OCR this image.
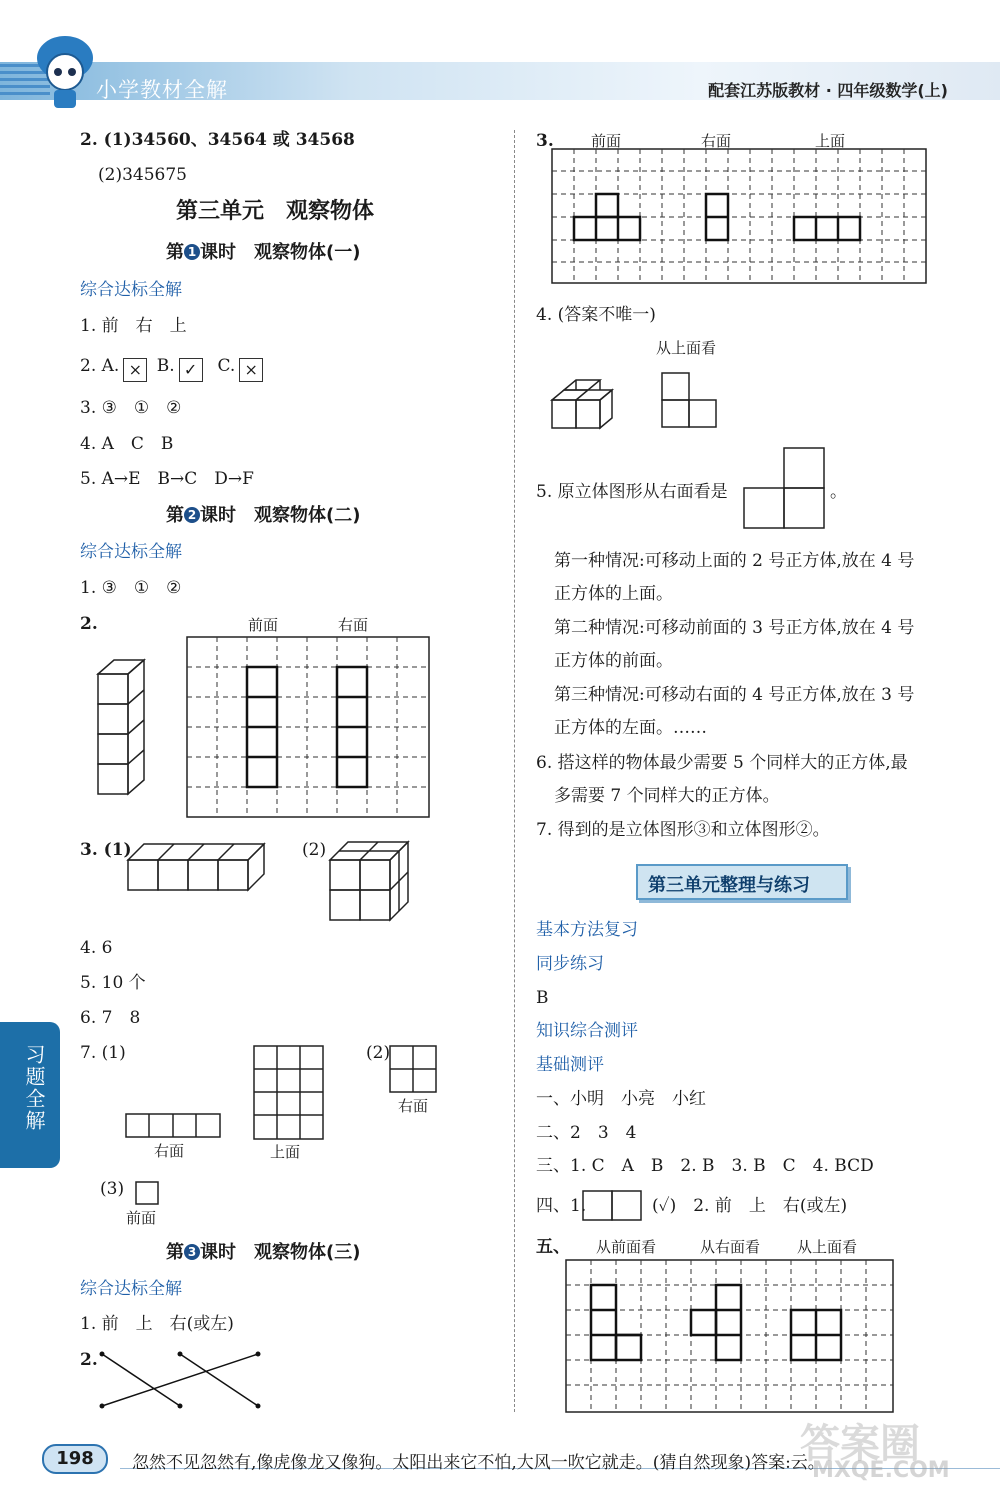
小学教材全解	配套江苏版教材 · 四年级数学(上)
2. (1)34560、34564 或 34568
(2)345675
第三单元　观察物体
第 1 课时　观察物体(一)
综合达标全解
1. 前　右　上
2. A. × B. ✓ C. ×
3. ③　①　②
4. A　C　B
5. A→E　B→C　D→F
第 2 课时　观察物体(二)
综合达标全解
1. ③　①　②
2.	前面	右面
3. (1)	(2)
4. 6
5. 10 个
6. 7　8
7. (1)
右面	上面
(2)
右面
(3)
前面
第 3 课时　观察物体(三)
综合达标全解
1. 前　上　右(或左)
2.
习题全解
3. 前面	右面	上面
4. (答案不唯一)
从上面看
5. 原立体图形从右面看是	。
第一种情况:可移动上面的 2 号正方体,放在 4 号
正方体的上面。
第二种情况:可移动前面的 3 号正方体,放在 4 号
正方体的前面。
第三种情况:可移动右面的 4 号正方体,放在 3 号
正方体的左面。……
6. 搭这样的物体最少需要 5 个同样大的正方体,最
多需要 7 个同样大的正方体。
7. 得到的是立体图形③和立体图形②。
第三单元整理与练习
基本方法复习
同步练习
B
知识综合测评
基础测评
一、小明　小亮　小红
二、2　3　4
三、1. C　A　B　2. B　3. B　C　4. BCD
四、1.	(✓)　2. 前　上　右(或左)
五、 从前面看	从右面看 从上面看
198	忽然不见忽然有,像虎像龙又像狗。太阳出来它不怕,大风一吹它就走。(猜自然现象)答案:云。
答案圈
MXQE.COM
